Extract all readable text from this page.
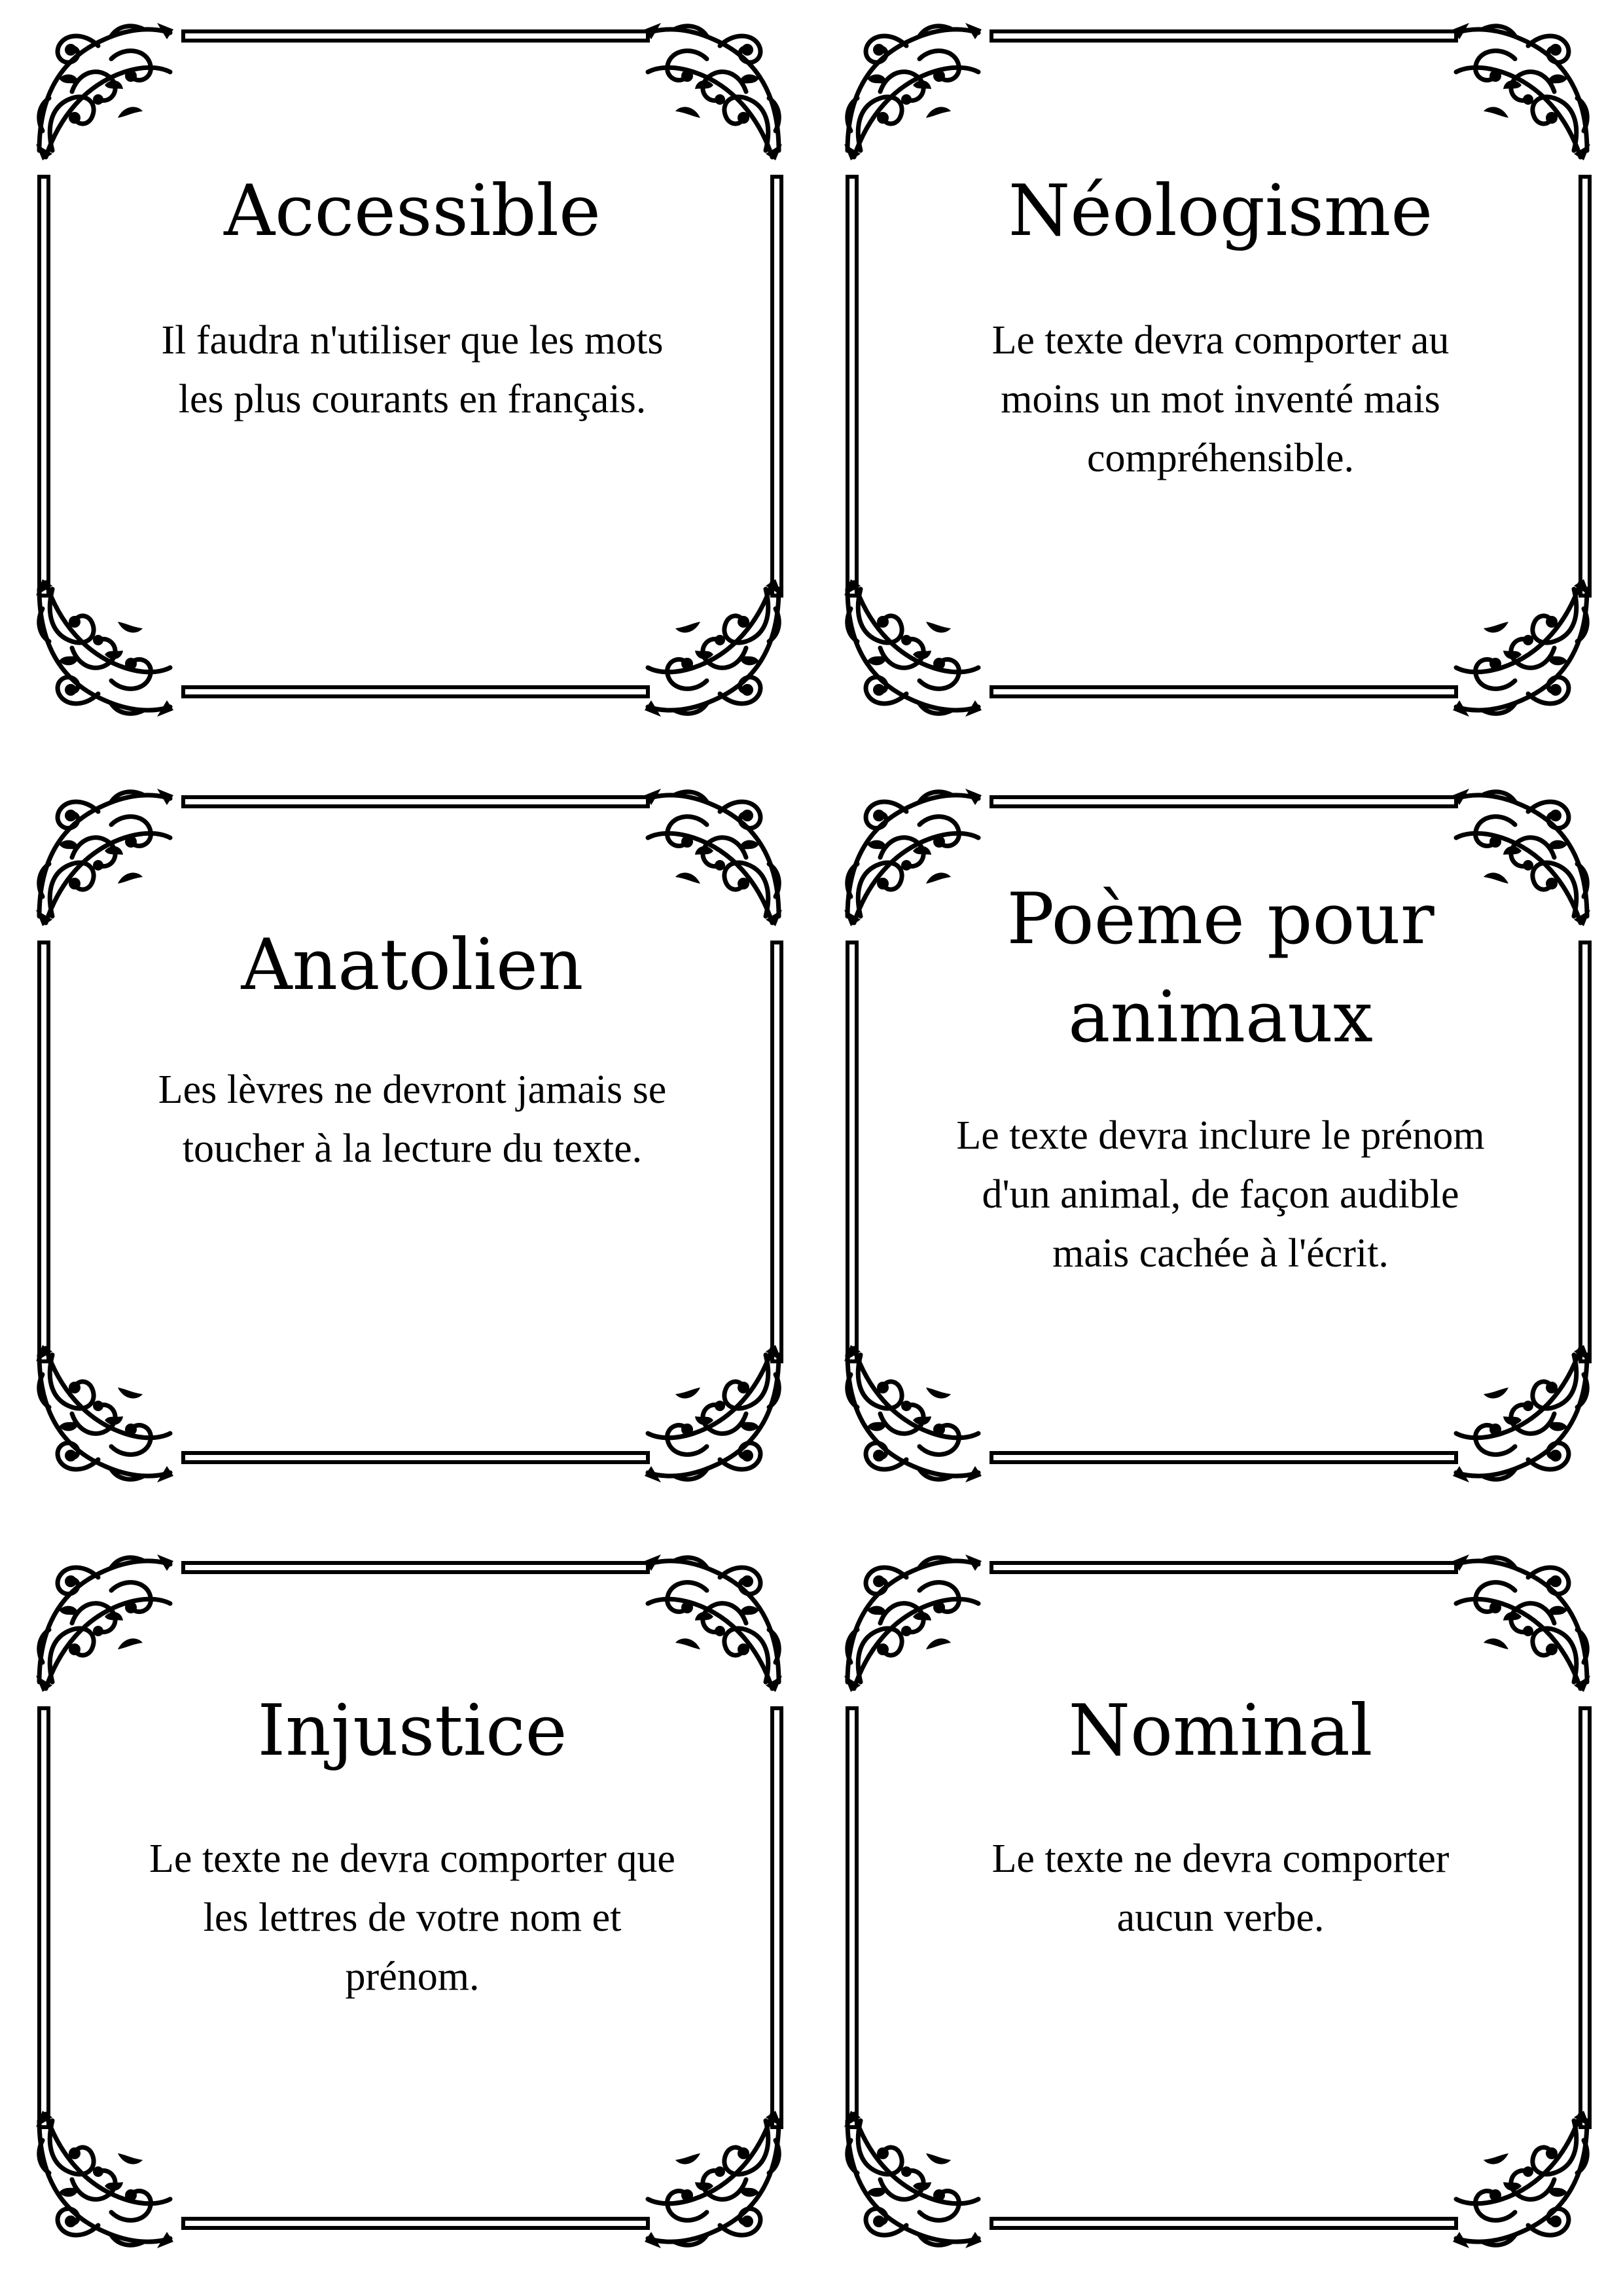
Accessible
Il faudra n'utiliser que les mots
les plus courants en français.
Néologisme
Le texte devra comporter au
moins un mot inventé mais
compréhensible.
Anatolien
Les lèvres ne devront jamais se
toucher à la lecture du texte.
Poème pour
animaux
Le texte devra inclure le prénom
d'un animal, de façon audible
mais cachée à l'écrit.
Injustice
Le texte ne devra comporter que
les lettres de votre nom et
prénom.
Nominal
Le texte ne devra comporter
aucun verbe.
